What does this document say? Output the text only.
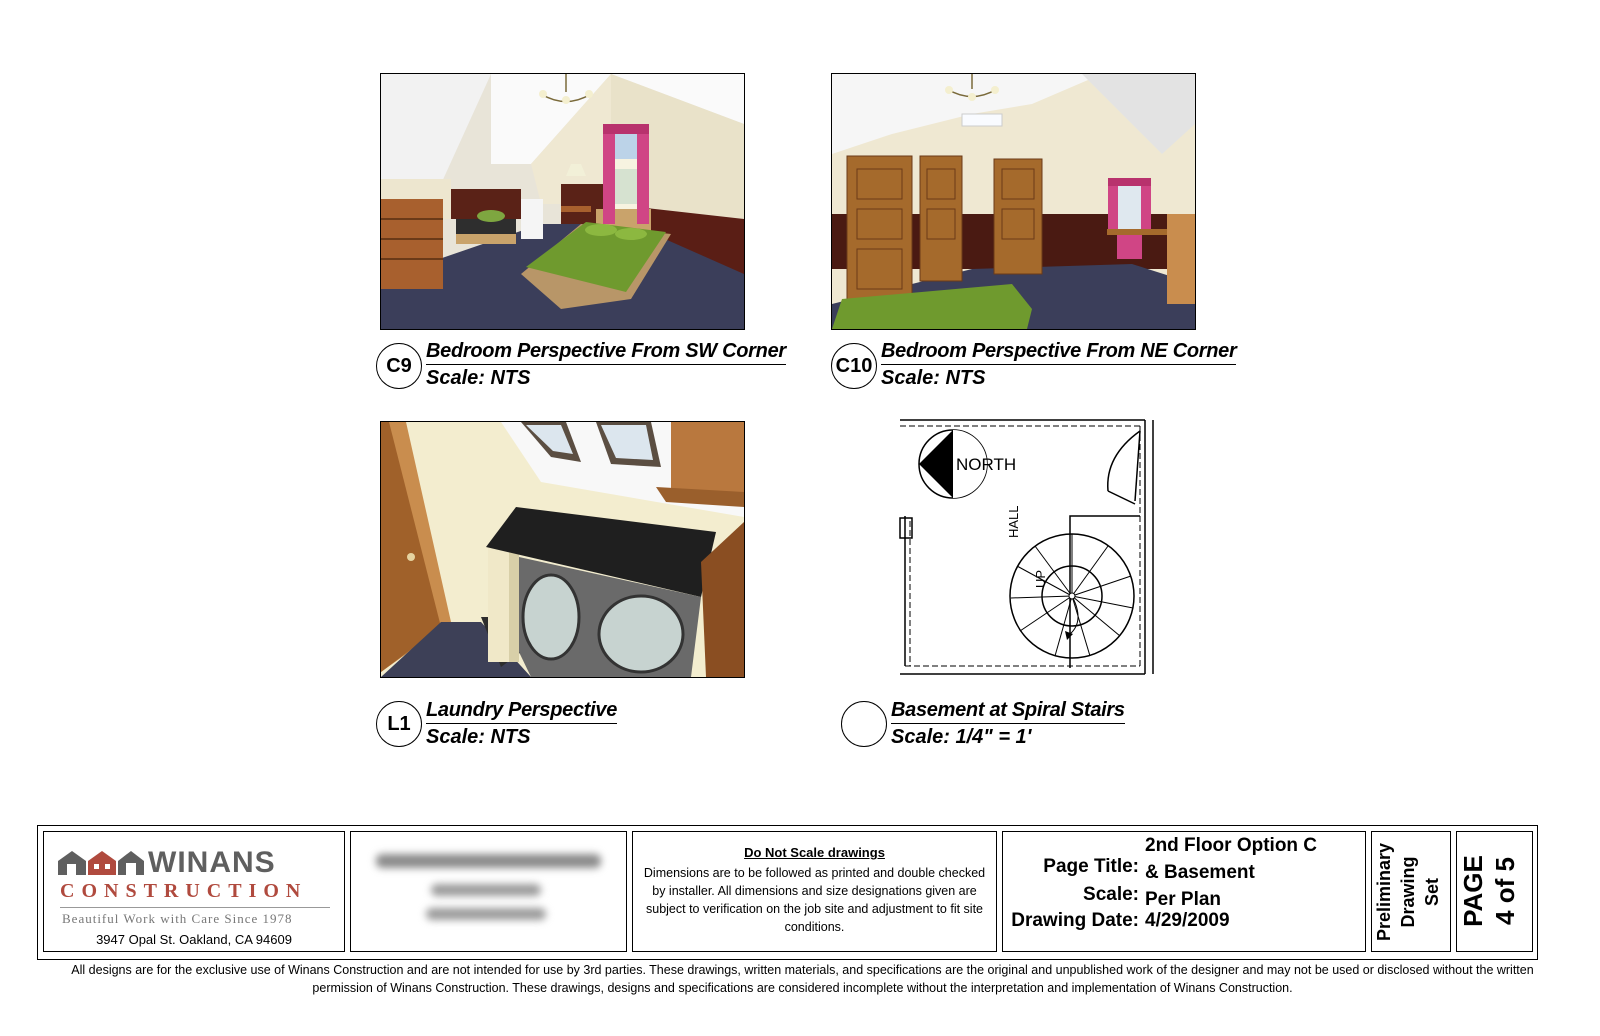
C9
Bedroom Perspective From SW Corner
Scale: NTS
C10
Bedroom Perspective From NE Corner
Scale: NTS
L1
Laundry Perspective
Scale: NTS
NORTH
HALL
UP
Basement at Spiral Stairs
Scale: 1/4" = 1'
WINANS
CONSTRUCTION
Beautiful Work with Care Since 1978
3947 Opal St. Oakland, CA 94609
Do Not Scale drawings
Dimensions are to be followed as printed and double checked by installer. All dimensions and size designations given are subject to verification on the job site and adjustment to fit site conditions.
Page Title:
2nd Floor Option C
& Basement
Scale: Per Plan
Drawing Date: 4/29/2009	Preliminary Drawing Set PAGE 4 of 5
All designs are for the exclusive use of Winans Construction and are not intended for use by 3rd parties. These drawings, written materials, and specifications are the original and unpublished work of the designer and may not be used or disclosed without the written permission of Winans Construction. These drawings, designs and specifications are considered incomplete without the interpretation and implementation of Winans Construction.
